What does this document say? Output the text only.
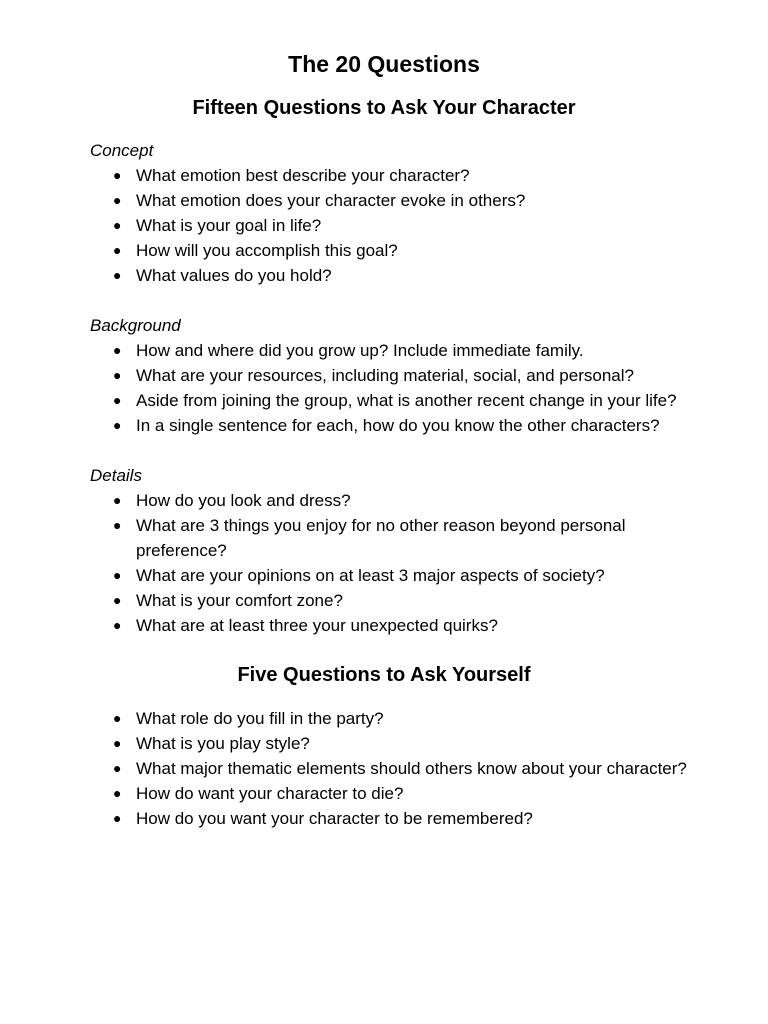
The 20 Questions
Fifteen Questions to Ask Your Character

Concept

● What emotion best describe your character?
● What emotion does your character evoke in others?
● What is your goal in life?
● How will you accomplish this goal?
● What values do you hold?

Background

● How and where did you grow up? Include immediate family.
● What are your resources, including material, social, and personal?
● Aside from joining the group, what is another recent change in your life?
● In a single sentence for each, how do you know the other characters?

Details

● How do you look and dress?
● What are 3 things you enjoy for no other reason beyond personal preference?
● What are your opinions on at least 3 major aspects of society?
● What is your comfort zone?
● What are at least three your unexpected quirks?
Five Questions to Ask Yourself
● What role do you fill in the party?
● What is you play style?
● What major thematic elements should others know about your character?
● How do want your character to die?
● How do you want your character to be remembered?
